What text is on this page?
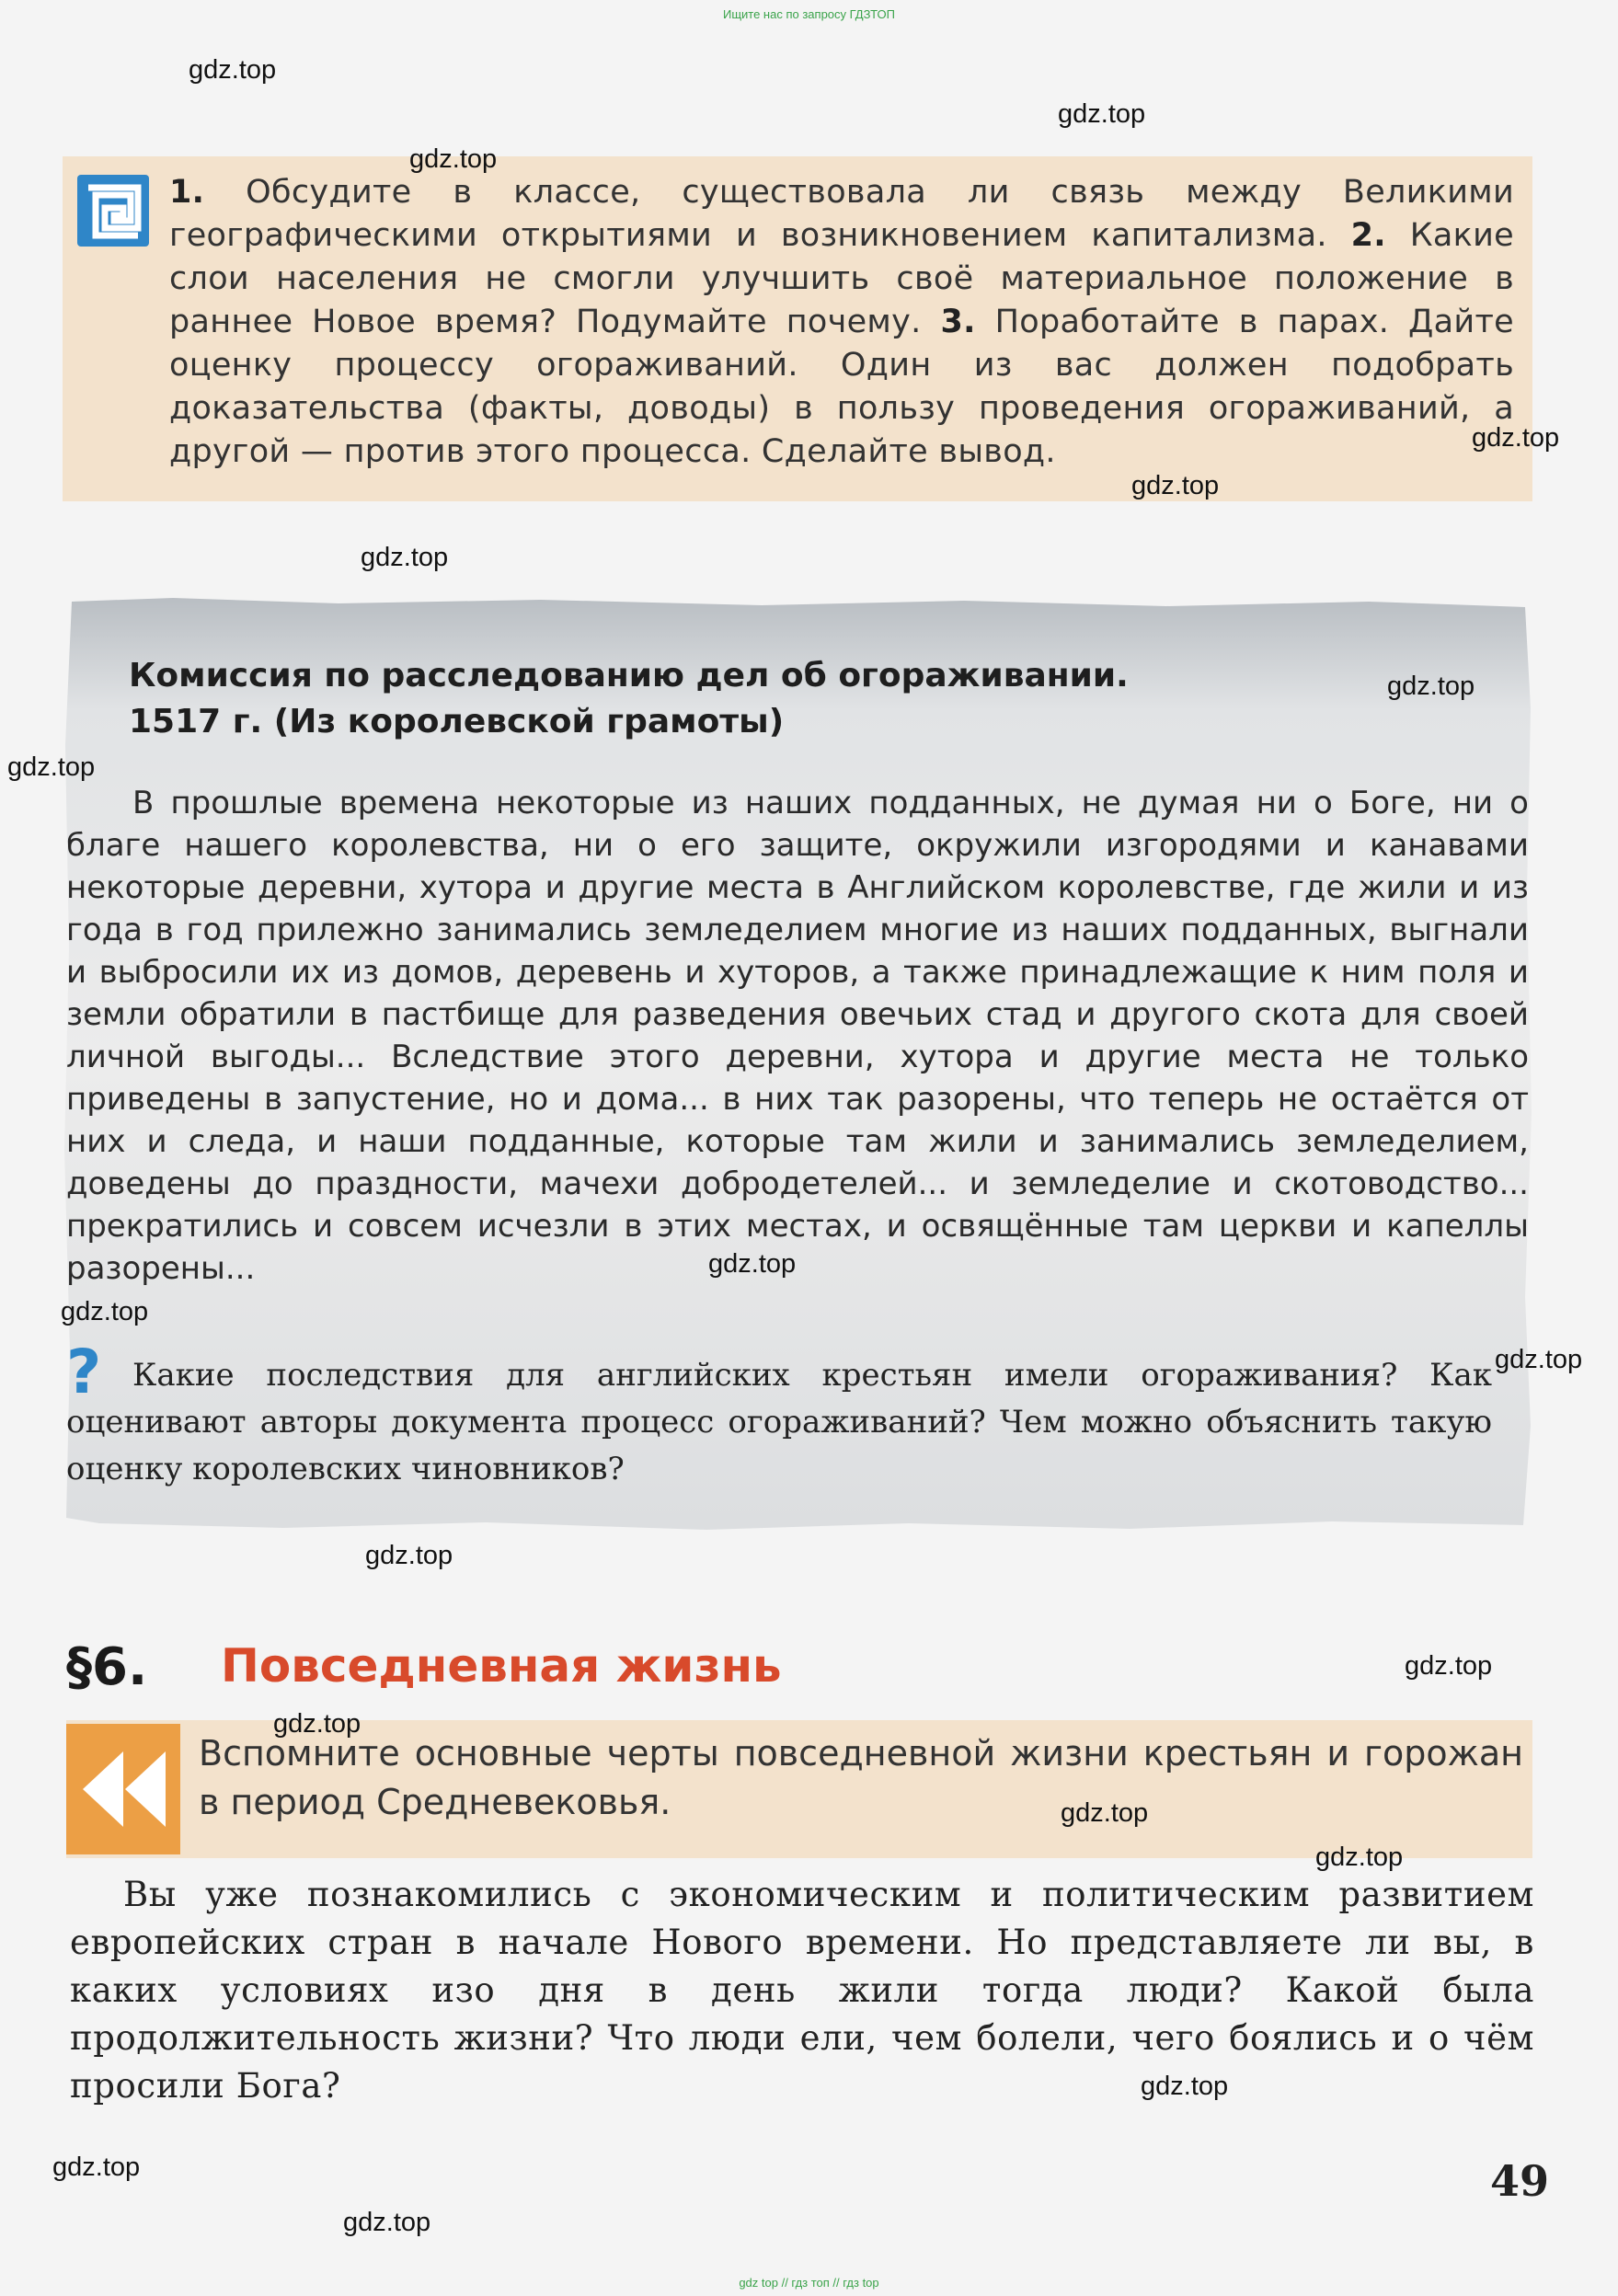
Ищите нас по запросу ГДЗТОП
1. Обсудите в классе, существовала ли связь между Великими географическими открытиями и возникновением капитализма. 2. Какие слои населения не смогли улучшить своё материальное положение в раннее Новое время? Подумайте почему. 3. Поработайте в парах. Дайте оценку процессу огораживаний. Один из вас должен подобрать доказательства (факты, доводы) в пользу проведения огораживаний, а другой — против этого процесса. Сделайте вывод.
Комиссия по расследованию дел об огораживании.
1517 г. (Из королевской грамоты)
В прошлые времена некоторые из наших подданных, не думая ни о Боге, ни о благе нашего королевства, ни о его защите, окружили изгородями и канавами некоторые деревни, хутора и другие места в Английском королевстве, где жили и из года в год прилежно занимались земледелием многие из наших подданных, выгнали и выбросили их из домов, деревень и хуторов, а также принадлежащие к ним поля и земли обратили в пастбище для разведения овечьих стад и другого скота для своей личной выгоды... Вследствие этого деревни, хутора и другие места не только приведены в запустение, но и дома... в них так разорены, что теперь не остаётся от них и следа, и наши подданные, которые там жили и занимались земледелием, доведены до праздности, мачехи добродетелей... и земледелие и скотоводство... прекратились и совсем исчезли в этих местах, и освящённые там церкви и капеллы разорены...
? Какие последствия для английских крестьян имели огораживания? Как оценивают авторы документа процесс огораживаний? Чем можно объяснить такую оценку королевских чиновников?
§6. Повседневная жизнь
Вспомните основные черты повседневной жизни крестьян и горожан в период Средневековья.
Вы уже познакомились с экономическим и политическим развитием европейских стран в начале Нового времени. Но представляете ли вы, в каких условиях изо дня в день жили тогда люди? Какой была продолжительность жизни? Что люди ели, чем болели, чего боялись и о чём просили Бога?
49
gdz.top
gdz.top
gdz.top
gdz.top
gdz.top
gdz.top
gdz.top
gdz.top
gdz.top
gdz.top
gdz.top
gdz.top
gdz.top
gdz.top
gdz.top
gdz.top
gdz.top
gdz.top
gdz.top
gdz top // гдз топ // гдз top
